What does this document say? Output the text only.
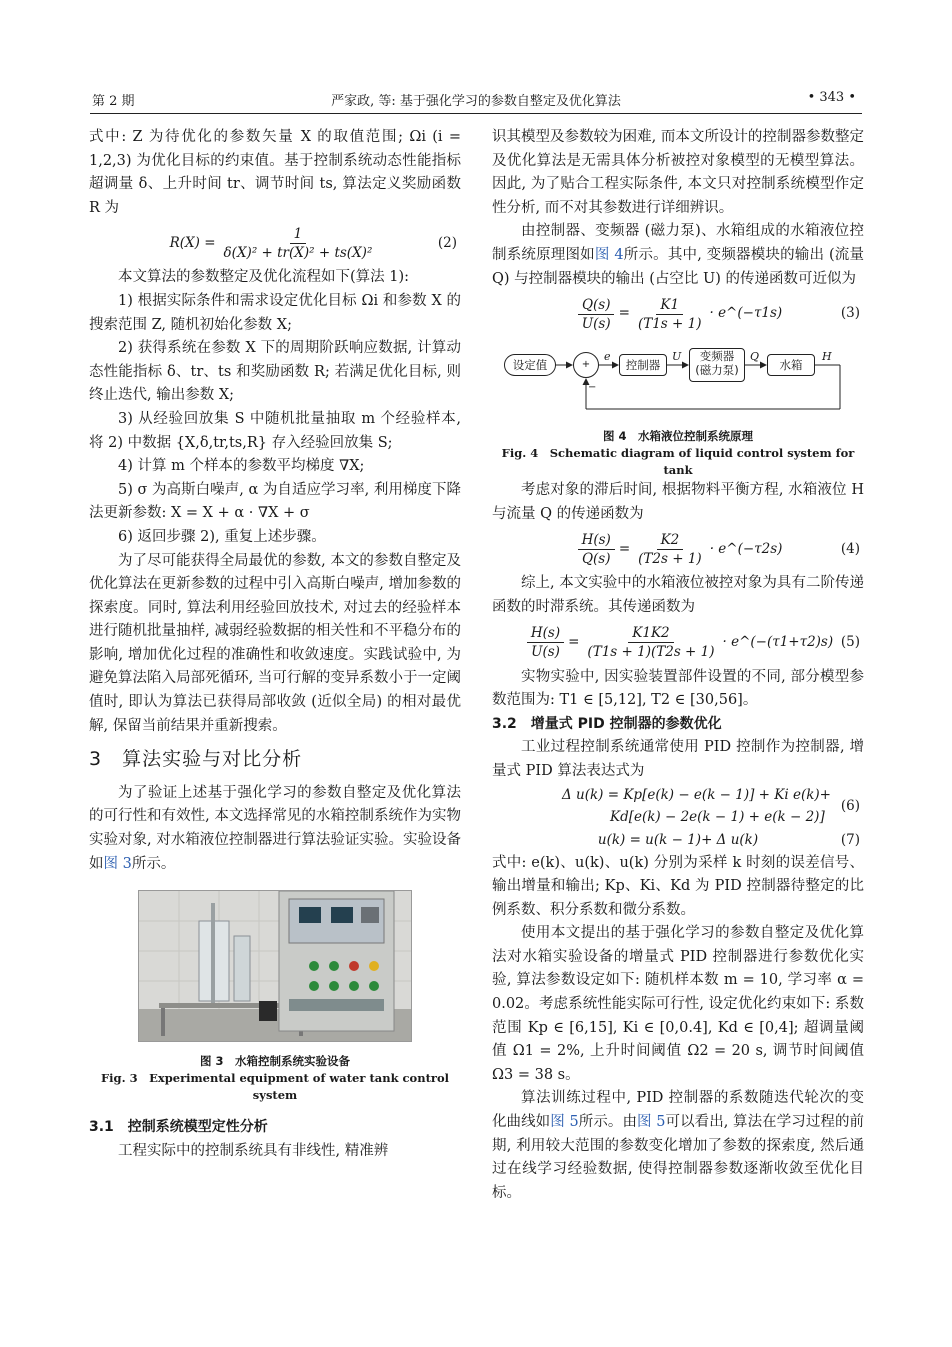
第 2 期	严家政, 等: 基于强化学习的参数自整定及优化算法	• 343 •

式中: Z 为待优化的参数矢量 X 的取值范围; Ωi (i = 1,2,3) 为优化目标的约束值。基于控制系统动态性能指标超调量 δ、上升时间 tr、调节时间 ts, 算法定义奖励函数 R 为

$R(X) = \frac{1}{\text{δ(X)² + tr(X)² + ts(X)²}}$	(2)

本文算法的参数整定及优化流程如下(算法 1):

1) 根据实际条件和需求设定优化目标 Ωi 和参数 X 的搜索范围 Z, 随机初始化参数 X;

2) 获得系统在参数 X 下的周期阶跃响应数据, 计算动态性能指标 δ、tr、ts 和奖励函数 R; 若满足优化目标, 则终止迭代, 输出参数 X;

3) 从经验回放集 S 中随机批量抽取 m 个经验样本, 将 2) 中数据 {X,δ,tr,ts,R} 存入经验回放集 S;

4) 计算 m 个样本的参数平均梯度 ∇X;

5) σ 为高斯白噪声, α 为自适应学习率, 利用梯度下降法更新参数: X = X + α · ∇X + σ

6) 返回步骤 2), 重复上述步骤。

为了尽可能获得全局最优的参数, 本文的参数自整定及优化算法在更新参数的过程中引入高斯白噪声, 增加参数的探索度。同时, 算法利用经验回放技术, 对过去的经验样本进行随机批量抽样, 减弱经验数据的相关性和不平稳分布的影响, 增加优化过程的准确性和收敛速度。实践试验中, 为避免算法陷入局部死循环, 当可行解的变异系数小于一定阈值时, 即认为算法已获得局部收敛 (近似全局) 的相对最优解, 保留当前结果并重新搜索。

3　算法实验与对比分析

为了验证上述基于强化学习的参数自整定及优化算法的可行性和有效性, 本文选择常见的水箱控制系统作为实物实验对象, 对水箱液位控制器进行算法验证实验。实验设备如图 3所示。

图 3　水箱控制系统实验设备
Fig. 3　Experimental equipment of water tank control system
3.1　控制系统模型定性分析

工程实际中的控制系统具有非线性, 精准辨

识其模型及参数较为困难, 而本文所设计的控制器参数整定及优化算法是无需具体分析被控对象模型的无模型算法。因此, 为了贴合工程实际条件, 本文只对控制系统模型作定性分析, 而不对其参数进行详细辨识。

由控制器、变频器 (磁力泵)、水箱组成的水箱液位控制系统原理图如图 4所示。其中, 变频器模块的输出 (流量 Q) 与控制器模块的输出 (占空比 U) 的传递函数可近似为

$\frac{Q(s)}{U(s)} = \frac{K1}{(T1s + 1)}$ · e^(−τ1s)	(3)
设定值	+
−
e
控制器
U	变频器
(磁力泵)
Q
水箱
H
图 4　水箱液位控制系统原理
Fig. 4　Schematic diagram of liquid control system for tank

考虑对象的滞后时间, 根据物料平衡方程, 水箱液位 H 与流量 Q 的传递函数为

$\frac{H(s)}{Q(s)} = \frac{K2}{(T2s + 1)}$ · e^(−τ2s)	(4)

综上, 本文实验中的水箱液位被控对象为具有二阶传递函数的时滞系统。其传递函数为

$\frac{H(s)}{U(s)} = \frac{K1K2}{(T1s + 1)(T2s + 1)}$ · e^(−(τ1+τ2)s) (5)

实物实验中, 因实验装置部件设置的不同, 部分模型参数范围为: T1 ∈ [5,12], T2 ∈ [30,56]。

3.2　增量式 PID 控制器的参数优化

工业过程控制系统通常使用 PID 控制作为控制器, 增量式 PID 算法表达式为

Δ u(k) = Kp[e(k) − e(k − 1)] + Ki e(k)+
Kd[e(k) − 2e(k − 1) + e(k − 2)]
(6)
u(k) = u(k − 1)+ Δ u(k)	(7)

式中: e(k)、u(k)、u(k) 分别为采样 k 时刻的误差信号、输出增量和输出; Kp、Ki、Kd 为 PID 控制器待整定的比例系数、积分系数和微分系数。

使用本文提出的基于强化学习的参数自整定及优化算法对水箱实验设备的增量式 PID 控制器进行参数优化实验, 算法参数设定如下: 随机样本数 m = 10, 学习率 α = 0.02。考虑系统性能实际可行性, 设定优化约束如下: 系数范围 Kp ∈ [6,15], Ki ∈ [0,0.4], Kd ∈ [0,4]; 超调量阈值 Ω1 = 2%, 上升时间阈值 Ω2 = 20 s, 调节时间阈值 Ω3 = 38 s。

算法训练过程中, PID 控制器的系数随迭代轮次的变化曲线如图 5所示。由图 5可以看出, 算法在学习过程的前期, 利用较大范围的参数变化增加了参数的探索度, 然后通过在线学习经验数据, 使得控制器参数逐渐收敛至优化目标。
